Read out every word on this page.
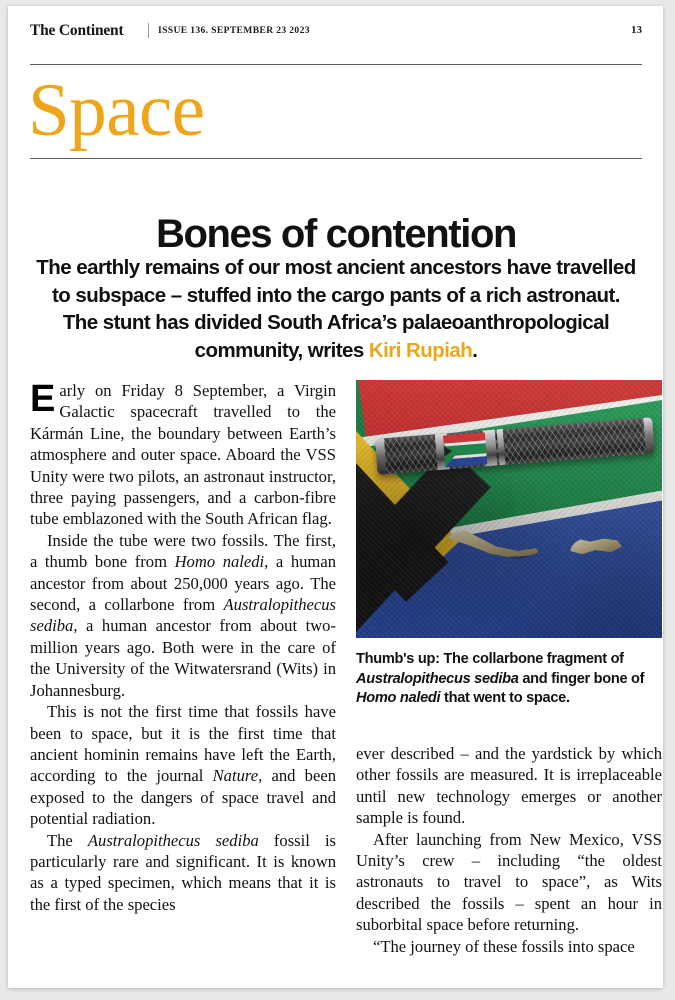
The Continent	ISSUE 136. SEPTEMBER 23 2023	13
Space
Bones of contention
The earthly remains of our most ancient ancestors have travelled to subspace – stuffed into the cargo pants of a rich astronaut. The stunt has divided South Africa’s palaeoanthropological community, writes Kiri Rupiah.

Early on Friday 8 September, a Virgin Galactic spacecraft travelled to the Kármán Line, the boundary between Earth’s atmosphere and outer space. Aboard the VSS Unity were two pilots, an astronaut instructor, three paying passengers, and a carbon-fibre tube emblazoned with the South African flag.

Inside the tube were two fossils. The first, a thumb bone from Homo naledi, a human ancestor from about 250,000 years ago. The second, a collarbone from Australopithecus sediba, a human ancestor from about two-million years ago. Both were in the care of the University of the Witwatersrand (Wits) in Johannesburg.

This is not the first time that fossils have been to space, but it is the first time that ancient hominin remains have left the Earth, according to the journal Nature, and been exposed to the dangers of space travel and potential radiation.

The Australopithecus sediba fossil is particularly rare and significant. It is known as a typed specimen, which means that it is the first of the species

Thumb's up: The collarbone fragment of Australopithecus sediba and finger bone of Homo naledi that went to space.

ever described – and the yardstick by which other fossils are measured. It is irreplaceable until new technology emerges or another sample is found.

After launching from New Mexico, VSS Unity’s crew – including “the oldest astronauts to travel to space”, as Wits described the fossils – spent an hour in suborbital space before returning.

“The journey of these fossils into space
